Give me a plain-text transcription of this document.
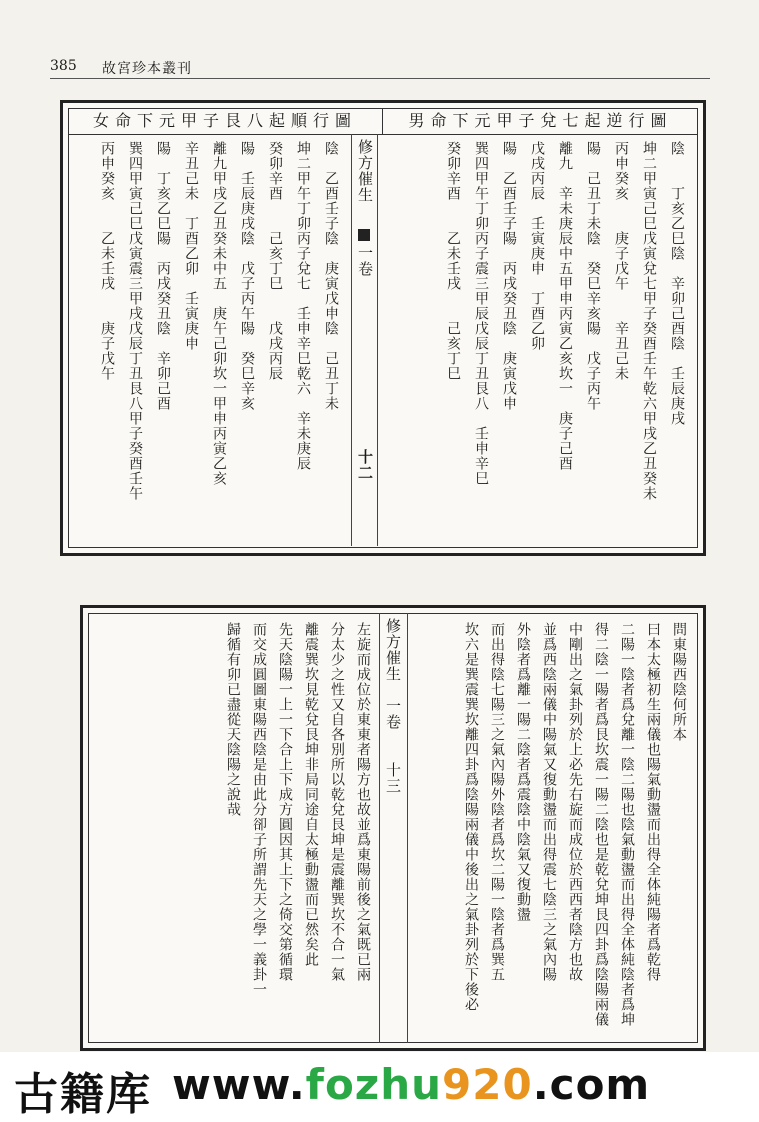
385 故宮珍本叢刊
男命下元甲子兌七起逆行圖
女命下元甲子艮八起順行圖
陰　　丁亥乙巳陰　辛卯己酉陰　壬辰庚戌
坤二甲寅己巳戊寅兌七甲子癸酉壬午乾六甲戌乙丑癸未
丙申癸亥　　庚子戊午　　辛丑己未
陽　己丑丁未陰　癸巳辛亥陽　戊子丙午
離九　辛未庚辰中五甲申丙寅乙亥坎一　庚子己酉
戊戌丙辰　壬寅庚申　丁酉乙卯
陽　乙酉壬子陽　丙戌癸丑陰　庚寅戊申
巽四甲午丁卯丙子震三甲辰戊辰丁丑艮八　壬申辛巳
癸卯辛酉　　乙未壬戌　　己亥丁巳
修方催生
一卷
十二
陰　乙酉壬子陰　庚寅戊申陰　己丑丁未
坤二甲午丁卯丙子兌七　壬申辛巳乾六　辛未庚辰
癸卯辛酉　　己亥丁巳　　戊戌丙辰
陽　壬辰庚戌陰　戊子丙午陽　癸巳辛亥
離九甲戌乙丑癸未中五　庚午己卯坎一甲申丙寅乙亥
辛丑己未　丁酉乙卯　壬寅庚申
陽　丁亥乙巳陽　丙戌癸丑陰　辛卯己酉
巽四甲寅己巳戊寅震三甲戌戊辰丁丑艮八甲子癸酉壬午
丙申癸亥　　乙未壬戌　　庚子戊午
問東陽西陰何所本
曰本太極初生兩儀也陽氣動盪而出得全体純陽者爲乾得
二陽一陰者爲兌離一陰二陽也陰氣動盪而出得全体純陰者爲坤
得二陰一陽者爲艮坎震一陽二陰也是乾兌坤艮四卦爲陰陽兩儀
中剛出之氣卦列於上必先右旋而成位於西西者陰方也故
並爲西陰兩儀中陽氣又復動盪而出得震七陰三之氣內陽
外陰者爲離一陽二陰者爲震陰中陰氣又復動盪
而出得陰七陽三之氣內陽外陰者爲坎二陽一陰者爲巽五
坎六是巽震巽坎離四卦爲陰陽兩儀中後出之氣卦列於下後必
修方催生　一卷　　十三
左旋而成位於東東者陽方也故並爲東陽前後之氣既已兩
分太少之性又自各別所以乾兌艮坤是震離巽坎不合一氣
離震巽坎見乾兌艮坤非局同途自太極動盪而已然矣此
先天陰陽一上一下合上下成方圓因其上下之倚交第循環
而交成圓圖東陽西陰是由此分卻子所謂先天之學一義卦一
歸循有卯已盡從天陰陽之說哉
古籍库 www.fozhu920.com
